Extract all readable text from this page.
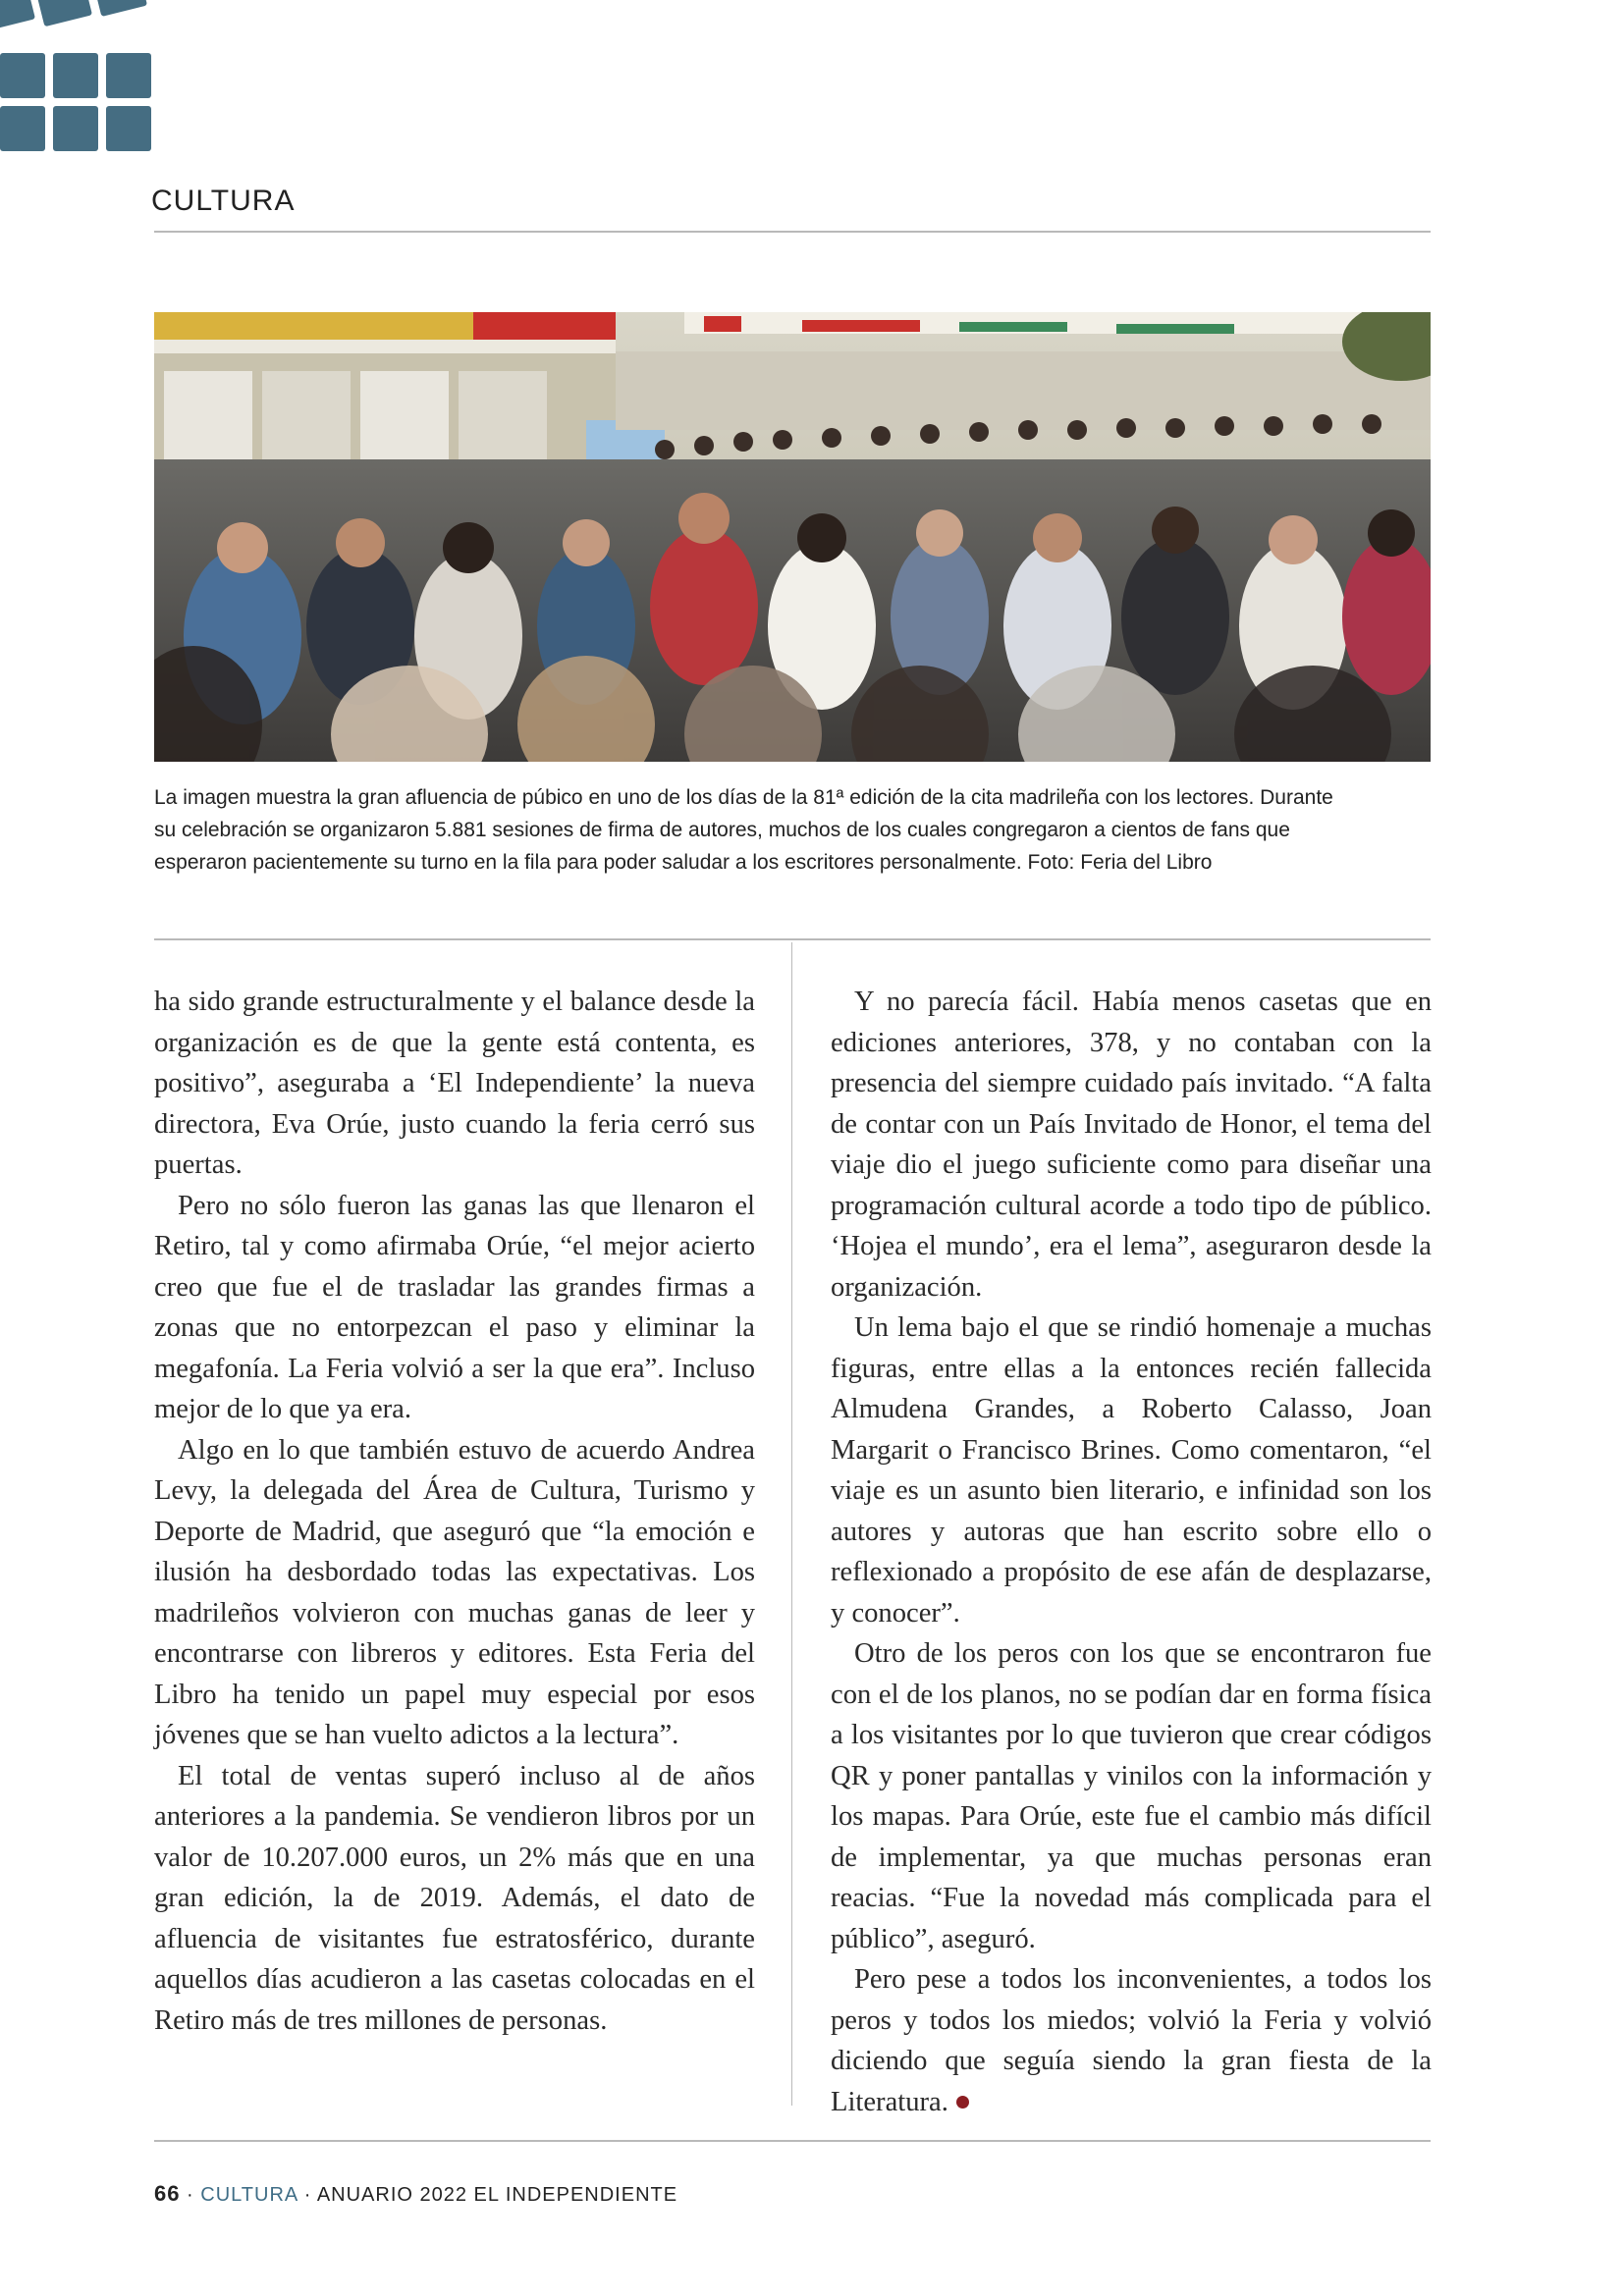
CULTURA

La imagen muestra la gran afluencia de púbico en uno de los días de la 81ª edición de la cita madrileña con los lectores. Durante

su celebración se organizaron 5.881 sesiones de firma de autores, muchos de los cuales congregaron a cientos de fans que

esperaron pacientemente su turno en la fila para poder saludar a los escritores personalmente. Foto: Feria del Libro

ha sido grande estructuralmente y el balance desde la organización es de que la gente está contenta, es positivo”, aseguraba a ‘El Independiente’ la nueva directora, Eva Orúe, justo cuando la feria cerró sus puertas.

Pero no sólo fueron las ganas las que llenaron el Retiro, tal y como afirmaba Orúe, “el mejor acierto creo que fue el de trasladar las grandes firmas a zonas que no entorpezcan el paso y eliminar la megafonía. La Feria volvió a ser la que era”. Incluso mejor de lo que ya era.

Algo en lo que también estuvo de acuerdo Andrea Levy, la delegada del Área de Cultura, Turismo y Deporte de Madrid, que aseguró que “la emoción e ilusión ha desbordado todas las expectativas. Los madrileños volvieron con muchas ganas de leer y encontrarse con libreros y editores. Esta Feria del Libro ha tenido un papel muy especial por esos jóvenes que se han vuelto adictos a la lectura”.

El total de ventas superó incluso al de años anteriores a la pandemia. Se vendieron libros por un valor de 10.207.000 euros, un 2% más que en una gran edición, la de 2019. Además, el dato de afluencia de visitantes fue estratosférico, durante aquellos días acudieron a las casetas colocadas en el Retiro más de tres millones de personas.

Y no parecía fácil. Había menos casetas que en ediciones anteriores, 378, y no contaban con la presencia del siempre cuidado país invitado. “A falta de contar con un País Invitado de Honor, el tema del viaje dio el juego suficiente como para diseñar una programación cultural acorde a todo tipo de público. ‘Hojea el mundo’, era el lema”, aseguraron desde la organización.

Un lema bajo el que se rindió homenaje a muchas figuras, entre ellas a la entonces recién fallecida Almudena Grandes, a Roberto Calasso, Joan Margarit o Francisco Brines. Como comentaron, “el viaje es un asunto bien literario, e infinidad son los autores y autoras que han escrito sobre ello o reflexionado a propósito de ese afán de desplazarse, y conocer”.

Otro de los peros con los que se encontraron fue con el de los planos, no se podían dar en forma física a los visitantes por lo que tuvieron que crear códigos QR y poner pantallas y vinilos con la información y los mapas. Para Orúe, este fue el cambio más difícil de implementar, ya que muchas personas eran reacias. “Fue la novedad más complicada para el público”, aseguró.

Pero pese a todos los inconvenientes, a todos los peros y todos los miedos; volvió la Feria y volvió diciendo que seguía siendo la gran fiesta de la Literatura.

66 · CULTURA · ANUARIO 2022 EL INDEPENDIENTE
